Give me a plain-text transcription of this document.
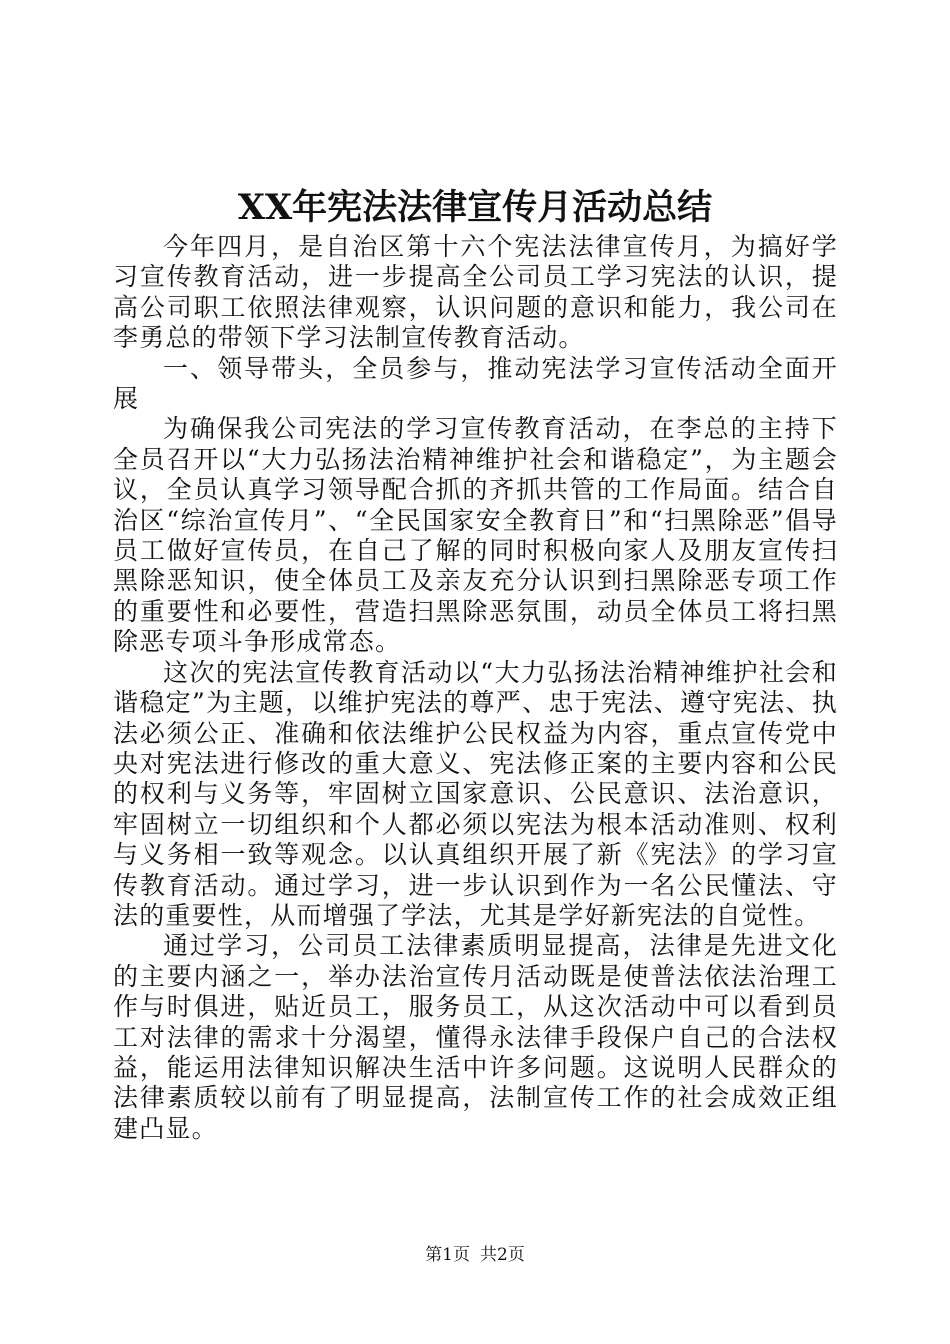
XX年宪法法律宣传月活动总结

今年四月，是自治区第十六个宪法法律宣传月，为搞好学习宣传教育活动，进一步提高全公司员工学习宪法的认识，提高公司职工依照法律观察，认识问题的意识和能力，我公司在李勇总的带领下学习法制宣传教育活动。

一、领导带头，全员参与，推动宪法学习宣传活动全面开展

为确保我公司宪法的学习宣传教育活动，在李总的主持下全员召开以“大力弘扬法治精神维护社会和谐稳定”，为主题会议，全员认真学习领导配合抓的齐抓共管的工作局面。结合自治区“综治宣传月”、“全民国家安全教育日”和“扫黑除恶”倡导员工做好宣传员，在自己了解的同时积极向家人及朋友宣传扫黑除恶知识，使全体员工及亲友充分认识到扫黑除恶专项工作的重要性和必要性，营造扫黑除恶氛围，动员全体员工将扫黑除恶专项斗争形成常态。

这次的宪法宣传教育活动以“大力弘扬法治精神维护社会和谐稳定”为主题，以维护宪法的尊严、忠于宪法、遵守宪法、执法必须公正、准确和依法维护公民权益为内容，重点宣传党中央对宪法进行修改的重大意义、宪法修正案的主要内容和公民的权利与义务等，牢固树立国家意识、公民意识、法治意识，牢固树立一切组织和个人都必须以宪法为根本活动准则、权利与义务相一致等观念。以认真组织开展了新《宪法》的学习宣传教育活动。通过学习，进一步认识到作为一名公民懂法、守法的重要性，从而增强了学法，尤其是学好新宪法的自觉性。

通过学习，公司员工法律素质明显提高，法律是先进文化的主要内涵之一，举办法治宣传月活动既是使普法依法治理工作与时俱进，贴近员工，服务员工，从这次活动中可以看到员工对法律的需求十分渴望，懂得永法律手段保户自己的合法权益，能运用法律知识解决生活中许多问题。这说明人民群众的法律素质较以前有了明显提高，法制宣传工作的社会成效正组建凸显。

第1页 共2页
